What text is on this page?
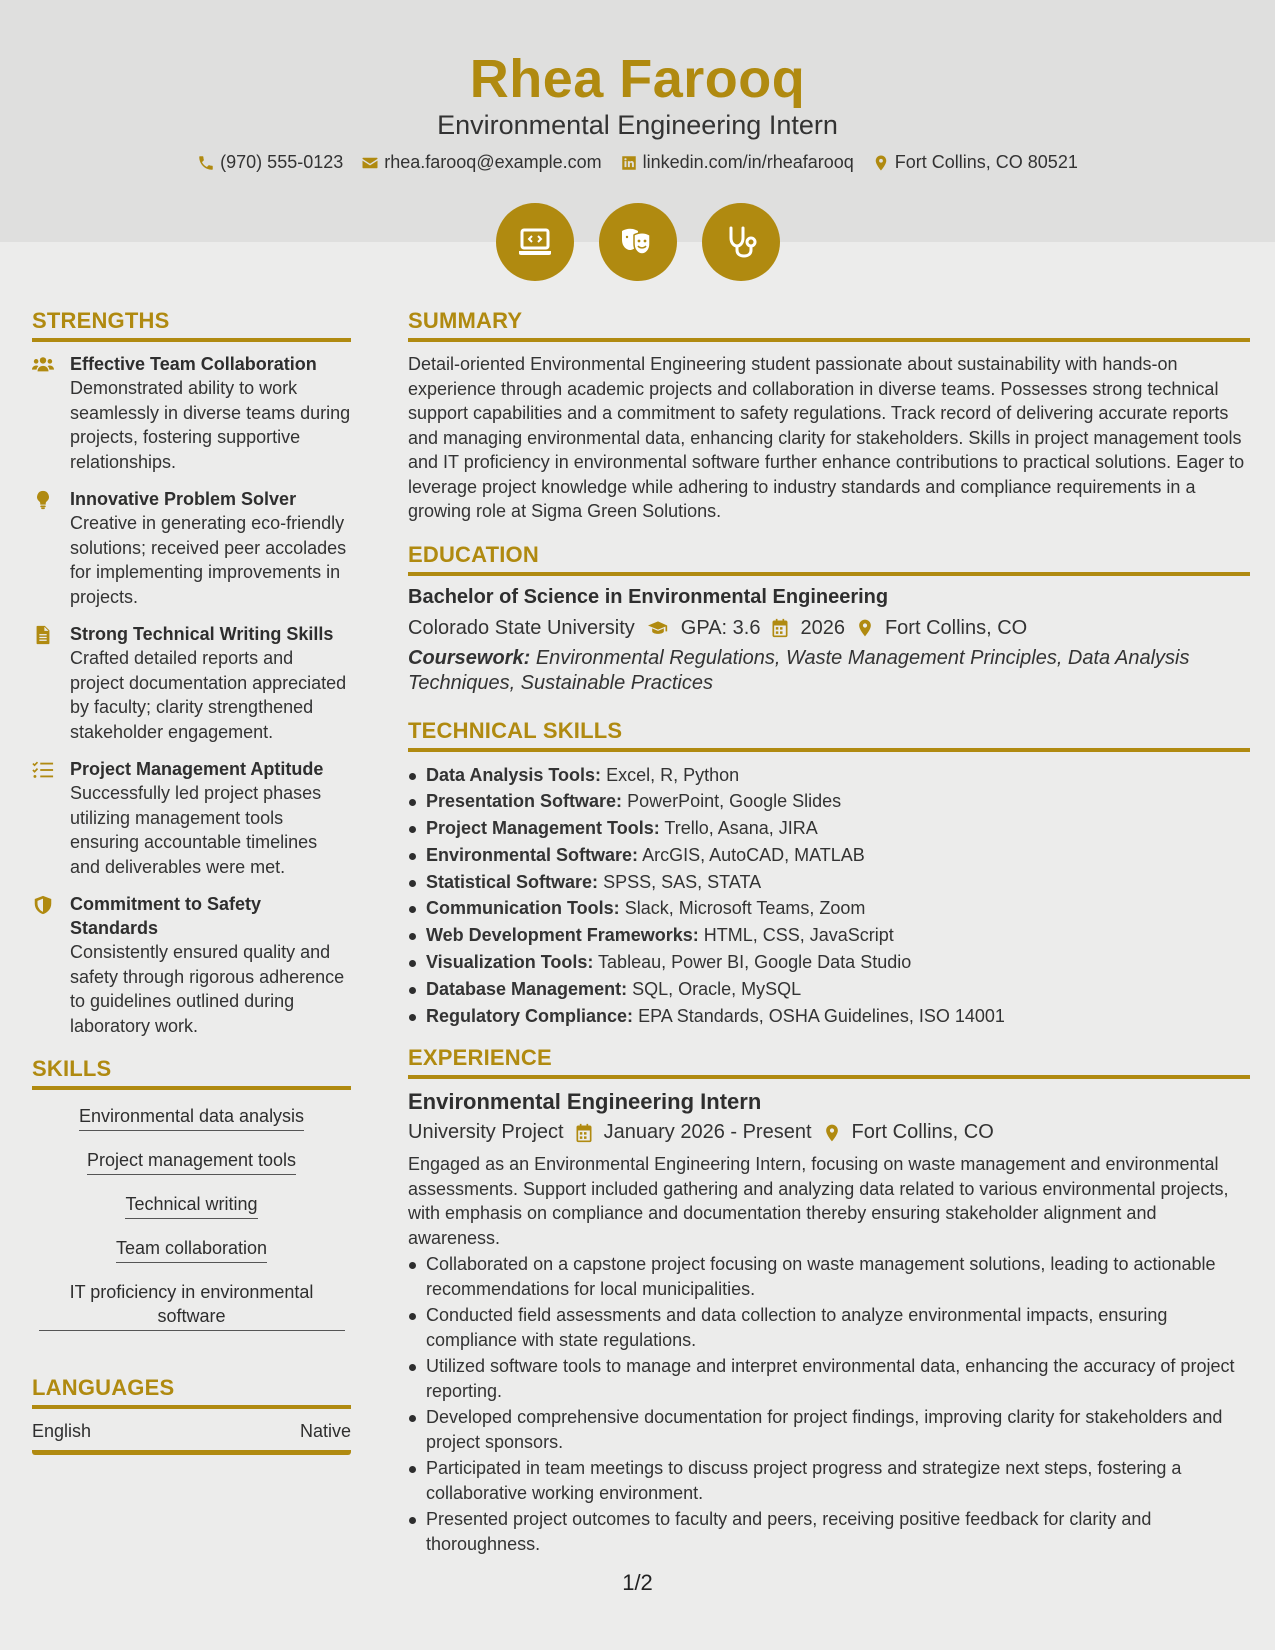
Rhea Farooq
Environmental Engineering Intern
(970) 555-0123 rhea.farooq@example.com linkedin.com/in/rheafarooq Fort Collins, CO 80521
STRENGTHS
Effective Team Collaboration
Demonstrated ability to work seamlessly in diverse teams during projects, fostering supportive relationships.
Innovative Problem Solver
Creative in generating eco-friendly solutions; received peer accolades for implementing improvements in projects.
Strong Technical Writing Skills
Crafted detailed reports and project documentation appreciated by faculty; clarity strengthened stakeholder engagement.
Project Management Aptitude
Successfully led project phases utilizing management tools ensuring accountable timelines and deliverables were met.
Commitment to Safety Standards
Consistently ensured quality and safety through rigorous adherence to guidelines outlined during laboratory work.
SKILLS
Environmental data analysis
Project management tools
Technical writing
Team collaboration
IT proficiency in environmental software
LANGUAGES
English	Native
SUMMARY
Detail-oriented Environmental Engineering student passionate about sustainability with hands-on experience through academic projects and collaboration in diverse teams. Possesses strong technical support capabilities and a commitment to safety regulations. Track record of delivering accurate reports and managing environmental data, enhancing clarity for stakeholders. Skills in project management tools and IT proficiency in environmental software further enhance contributions to practical solutions. Eager to leverage project knowledge while adhering to industry standards and compliance requirements in a growing role at Sigma Green Solutions.
EDUCATION
Bachelor of Science in Environmental Engineering
Colorado State University GPA: 3.6 2026 Fort Collins, CO
Coursework: Environmental Regulations, Waste Management Principles, Data Analysis Techniques, Sustainable Practices
TECHNICAL SKILLS
Data Analysis Tools: Excel, R, Python
Presentation Software: PowerPoint, Google Slides
Project Management Tools: Trello, Asana, JIRA
Environmental Software: ArcGIS, AutoCAD, MATLAB
Statistical Software: SPSS, SAS, STATA
Communication Tools: Slack, Microsoft Teams, Zoom
Web Development Frameworks: HTML, CSS, JavaScript
Visualization Tools: Tableau, Power BI, Google Data Studio
Database Management: SQL, Oracle, MySQL
Regulatory Compliance: EPA Standards, OSHA Guidelines, ISO 14001
EXPERIENCE
Environmental Engineering Intern
University Project January 2026 - Present Fort Collins, CO
Engaged as an Environmental Engineering Intern, focusing on waste management and environmental assessments. Support included gathering and analyzing data related to various environmental projects, with emphasis on compliance and documentation thereby ensuring stakeholder alignment and awareness.
Collaborated on a capstone project focusing on waste management solutions, leading to actionable recommendations for local municipalities.
Conducted field assessments and data collection to analyze environmental impacts, ensuring compliance with state regulations.
Utilized software tools to manage and interpret environmental data, enhancing the accuracy of project reporting.
Developed comprehensive documentation for project findings, improving clarity for stakeholders and project sponsors.
Participated in team meetings to discuss project progress and strategize next steps, fostering a collaborative working environment.
Presented project outcomes to faculty and peers, receiving positive feedback for clarity and thoroughness.
1/2
